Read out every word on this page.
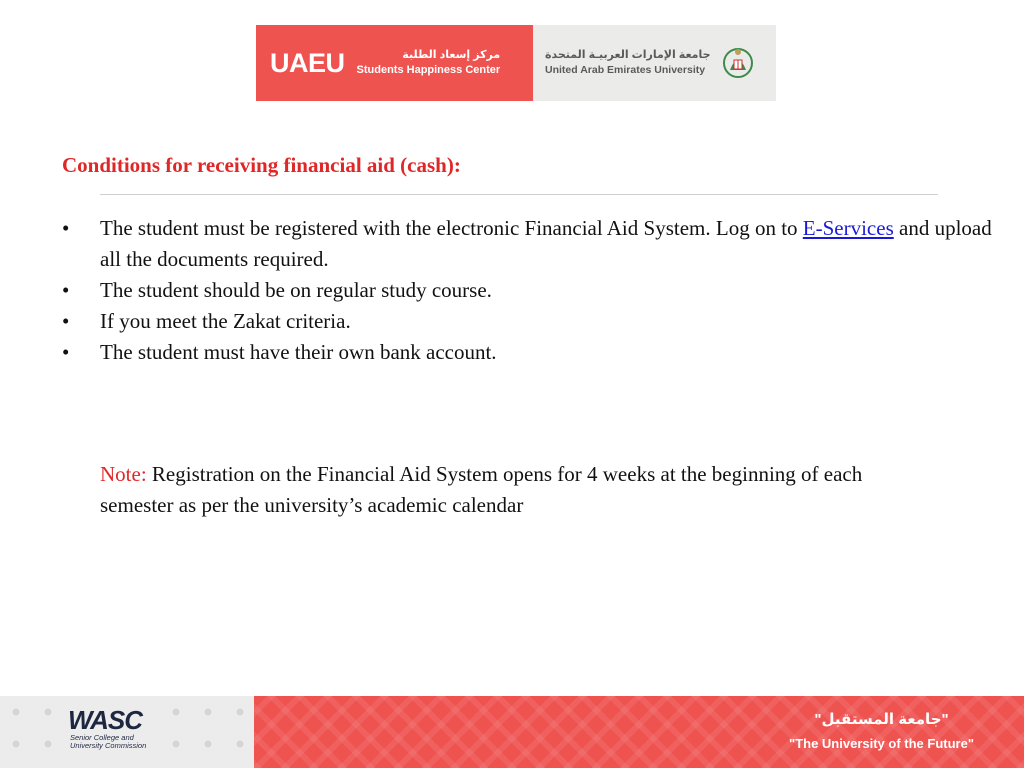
UAEU	مركز إسعاد الطلبة
Students Happiness Center
جامعة الإمارات العربيـة المتحدة
United Arab Emirates University
Conditions for receiving financial aid (cash):
• The student must be registered with the electronic Financial Aid System. Log on to E-Services and upload all the documents required.
• The student should be on regular study course.
• If you meet the Zakat criteria.
• The student must have their own bank account.
Note: Registration on the Financial Aid System opens for 4 weeks at the beginning of each
semester as per the university’s academic calendar
WASC
Senior College and University Commission
"جامعة المستقبل"
"The University of the Future"
